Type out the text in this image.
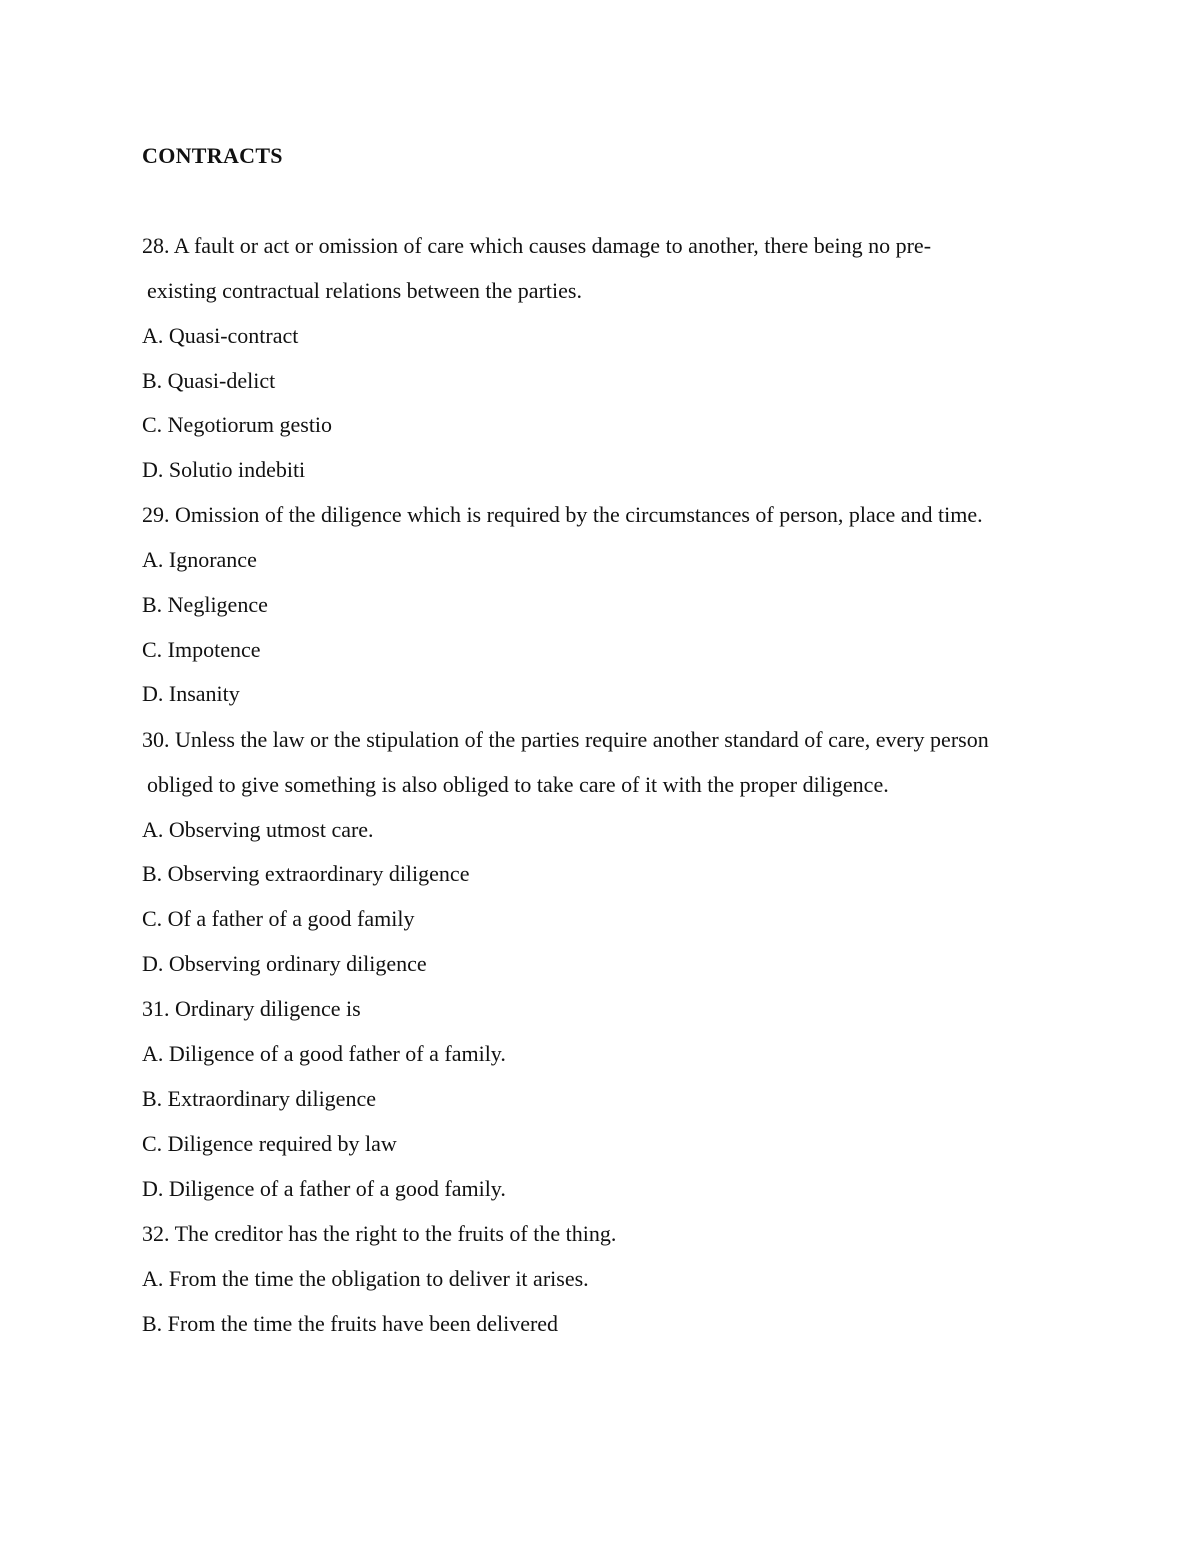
CONTRACTS
28. A fault or act or omission of care which causes damage to another, there being no pre-
existing contractual relations between the parties.
A. Quasi-contract
B. Quasi-delict
C. Negotiorum gestio
D. Solutio indebiti
29. Omission of the diligence which is required by the circumstances of person, place and time.
A. Ignorance
B. Negligence
C. Impotence
D. Insanity
30. Unless the law or the stipulation of the parties require another standard of care, every person
obliged to give something is also obliged to take care of it with the proper diligence.
A. Observing utmost care.
B. Observing extraordinary diligence
C. Of a father of a good family
D. Observing ordinary diligence
31. Ordinary diligence is
A. Diligence of a good father of a family.
B. Extraordinary diligence
C. Diligence required by law
D. Diligence of a father of a good family.
32. The creditor has the right to the fruits of the thing.
A. From the time the obligation to deliver it arises.
B. From the time the fruits have been delivered
